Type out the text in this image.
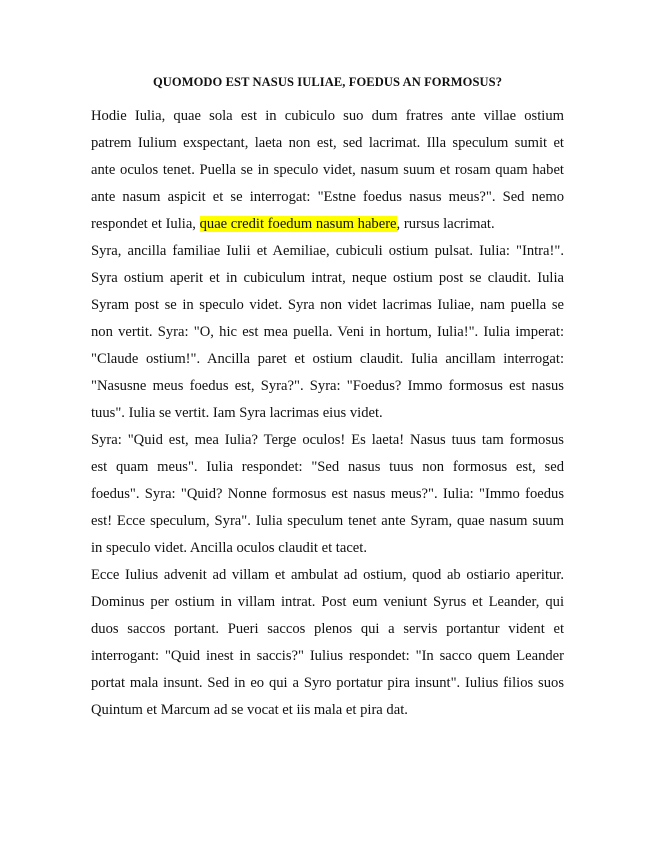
QUOMODO EST NASUS IULIAE, FOEDUS AN FORMOSUS?
Hodie Iulia, quae sola est in cubiculo suo dum fratres ante villae ostium
patrem Iulium exspectant, laeta non est, sed lacrimat. Illa speculum sumit et
ante oculos tenet. Puella se in speculo videt, nasum suum et rosam quam habet
ante nasum aspicit et se interrogat: "Estne foedus nasus meus?". Sed nemo
respondet et Iulia, quae credit foedum nasum habere, rursus lacrimat.
Syra, ancilla familiae Iulii et Aemiliae, cubiculi ostium pulsat. Iulia: "Intra!".
Syra ostium aperit et in cubiculum intrat, neque ostium post se claudit. Iulia
Syram post se in speculo videt. Syra non videt lacrimas Iuliae, nam puella se
non vertit. Syra: "O, hic est mea puella. Veni in hortum, Iulia!". Iulia imperat:
"Claude ostium!". Ancilla paret et ostium claudit. Iulia ancillam interrogat:
"Nasusne meus foedus est, Syra?". Syra: "Foedus? Immo formosus est nasus
tuus". Iulia se vertit. Iam Syra lacrimas eius videt.
Syra: "Quid est, mea Iulia? Terge oculos! Es laeta! Nasus tuus tam formosus
est quam meus". Iulia respondet: "Sed nasus tuus non formosus est, sed
foedus". Syra: "Quid? Nonne formosus est nasus meus?". Iulia: "Immo foedus
est! Ecce speculum, Syra". Iulia speculum tenet ante Syram, quae nasum suum
in speculo videt. Ancilla oculos claudit et tacet.
Ecce Iulius advenit ad villam et ambulat ad ostium, quod ab ostiario aperitur.
Dominus per ostium in villam intrat. Post eum veniunt Syrus et Leander, qui
duos saccos portant. Pueri saccos plenos qui a servis portantur vident et
interrogant: "Quid inest in saccis?" Iulius respondet: "In sacco quem Leander
portat mala insunt. Sed in eo qui a Syro portatur pira insunt". Iulius filios suos
Quintum et Marcum ad se vocat et iis mala et pira dat.
